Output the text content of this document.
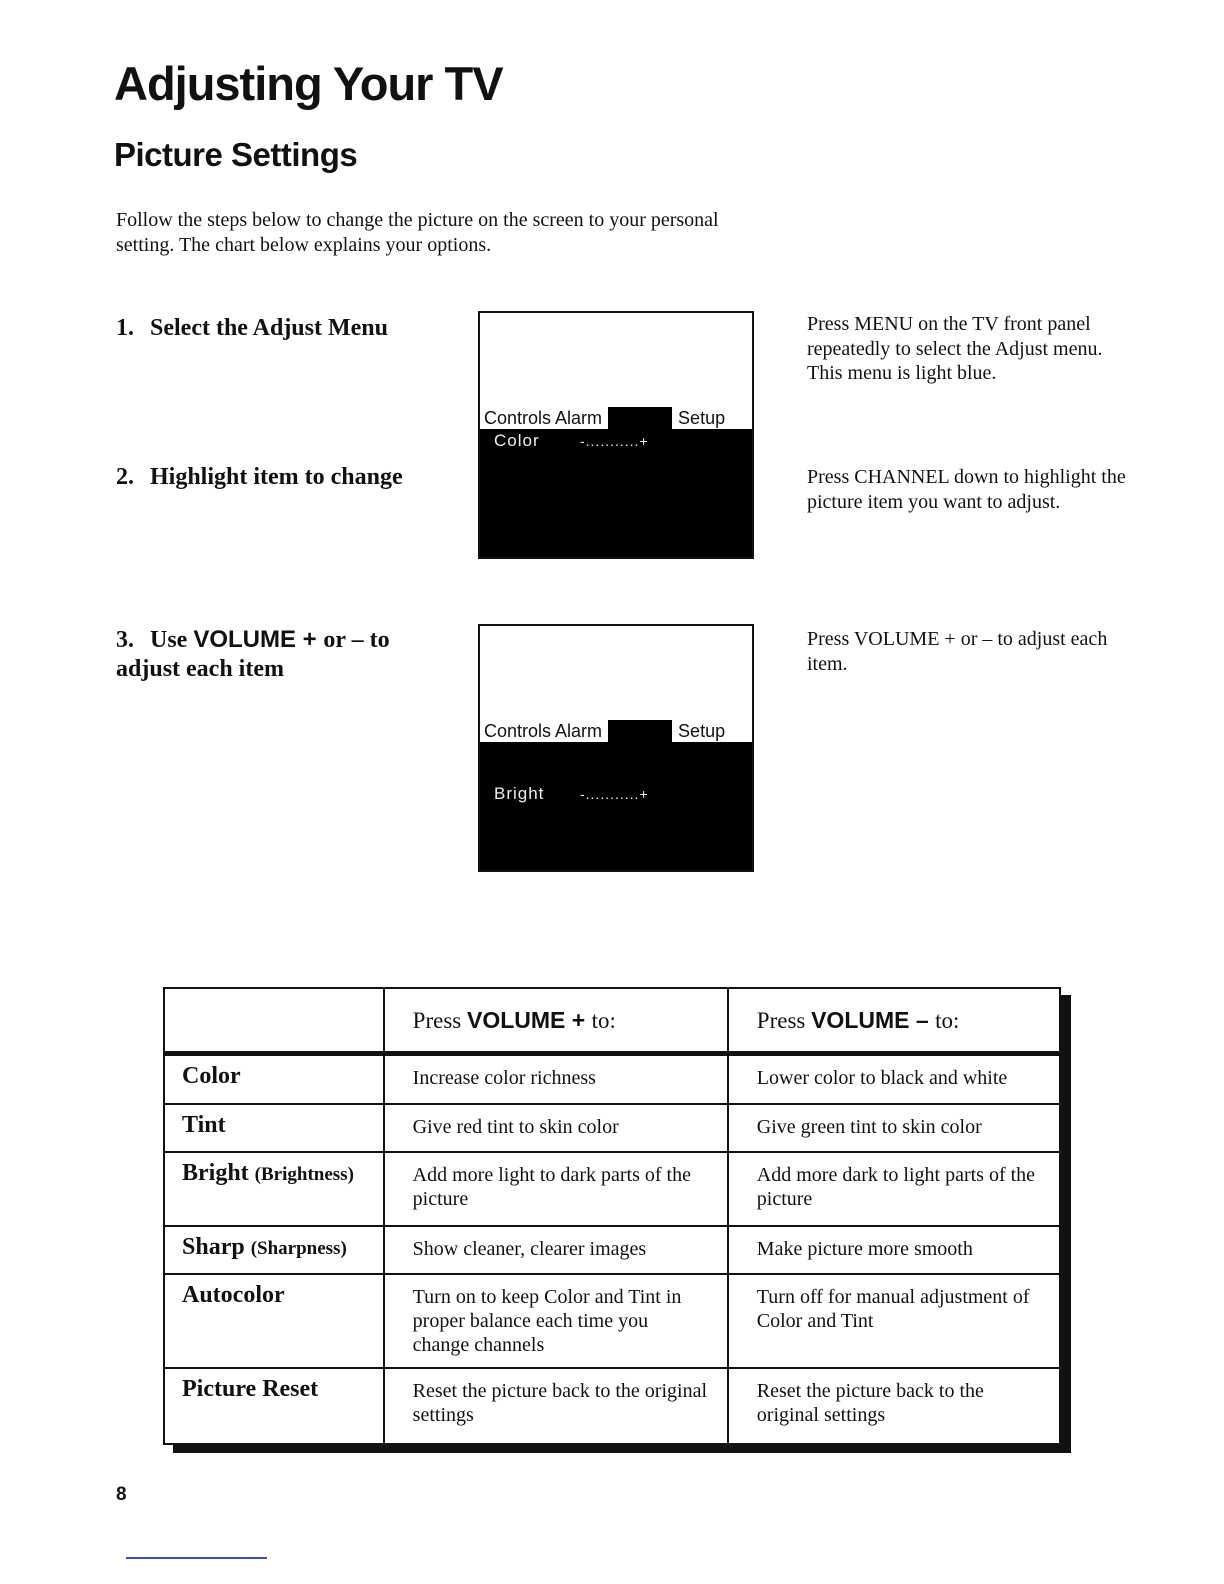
Adjusting Your TV
Picture Settings
Follow the steps below to change the picture on the screen to your personal setting. The chart below explains your options.
1. Select the Adjust Menu
2. Highlight item to change
3. Use VOLUME + or – to adjust each item
Press MENU on the TV front panel repeatedly to select the Adjust menu. This menu is light blue.
Press CHANNEL down to highlight the picture item you want to adjust.
Press VOLUME + or – to adjust each item.
Controls Alarm	Setup
Color	-...........+
Controls Alarm	Setup
Bright	-...........+
	Press VOLUME + to:	Press VOLUME – to:
Color	Increase color richness	Lower color to black and white
Tint	Give red tint to skin color	Give green tint to skin color
Bright (Brightness)	Add more light to dark parts of the picture	Add more dark to light parts of the picture
Sharp (Sharpness)	Show cleaner, clearer images	Make picture more smooth
Autocolor	Turn on to keep Color and Tint in proper balance each time you change channels	Turn off for manual adjustment of Color and Tint
Picture Reset	Reset the picture back to the original settings	Reset the picture back to the original settings
8
